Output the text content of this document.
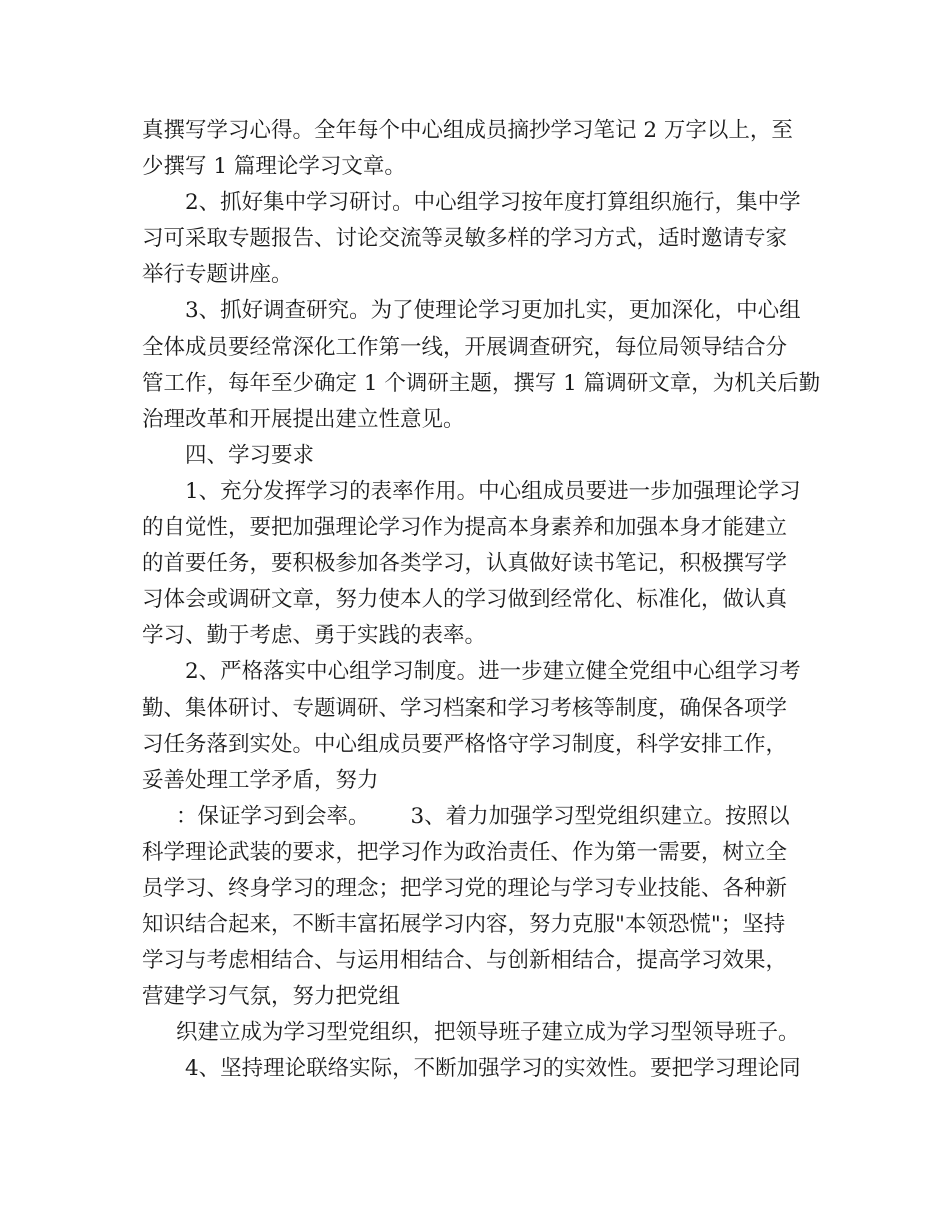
真撰写学习心得。全年每个中心组成员摘抄学习笔记 2 万字以上，至
少撰写 1 篇理论学习文章。
2、抓好集中学习研讨。中心组学习按年度打算组织施行，集中学
习可采取专题报告、讨论交流等灵敏多样的学习方式，适时邀请专家
举行专题讲座。
3、抓好调查研究。为了使理论学习更加扎实，更加深化，中心组
全体成员要经常深化工作第一线，开展调查研究，每位局领导结合分
管工作，每年至少确定 1 个调研主题，撰写 1 篇调研文章，为机关后勤
治理改革和开展提出建立性意见。
四、学习要求
1、充分发挥学习的表率作用。中心组成员要进一步加强理论学习
的自觉性，要把加强理论学习作为提高本身素养和加强本身才能建立
的首要任务，要积极参加各类学习，认真做好读书笔记，积极撰写学
习体会或调研文章，努力使本人的学习做到经常化、标准化，做认真
学习、勤于考虑、勇于实践的表率。
2、严格落实中心组学习制度。进一步建立健全党组中心组学习考
勤、集体研讨、专题调研、学习档案和学习考核等制度，确保各项学
习任务落到实处。中心组成员要严格恪守学习制度，科学安排工作，
妥善处理工学矛盾，努力
：保证学习到会率。      3、着力加强学习型党组织建立。按照以
科学理论武装的要求，把学习作为政治责任、作为第一需要，树立全
员学习、终身学习的理念；把学习党的理论与学习专业技能、各种新
知识结合起来，不断丰富拓展学习内容，努力克服"本领恐慌"；坚持
学习与考虑相结合、与运用相结合、与创新相结合，提高学习效果，
营建学习气氛，努力把党组
织建立成为学习型党组织，把领导班子建立成为学习型领导班子。
4、坚持理论联络实际，不断加强学习的实效性。要把学习理论同
